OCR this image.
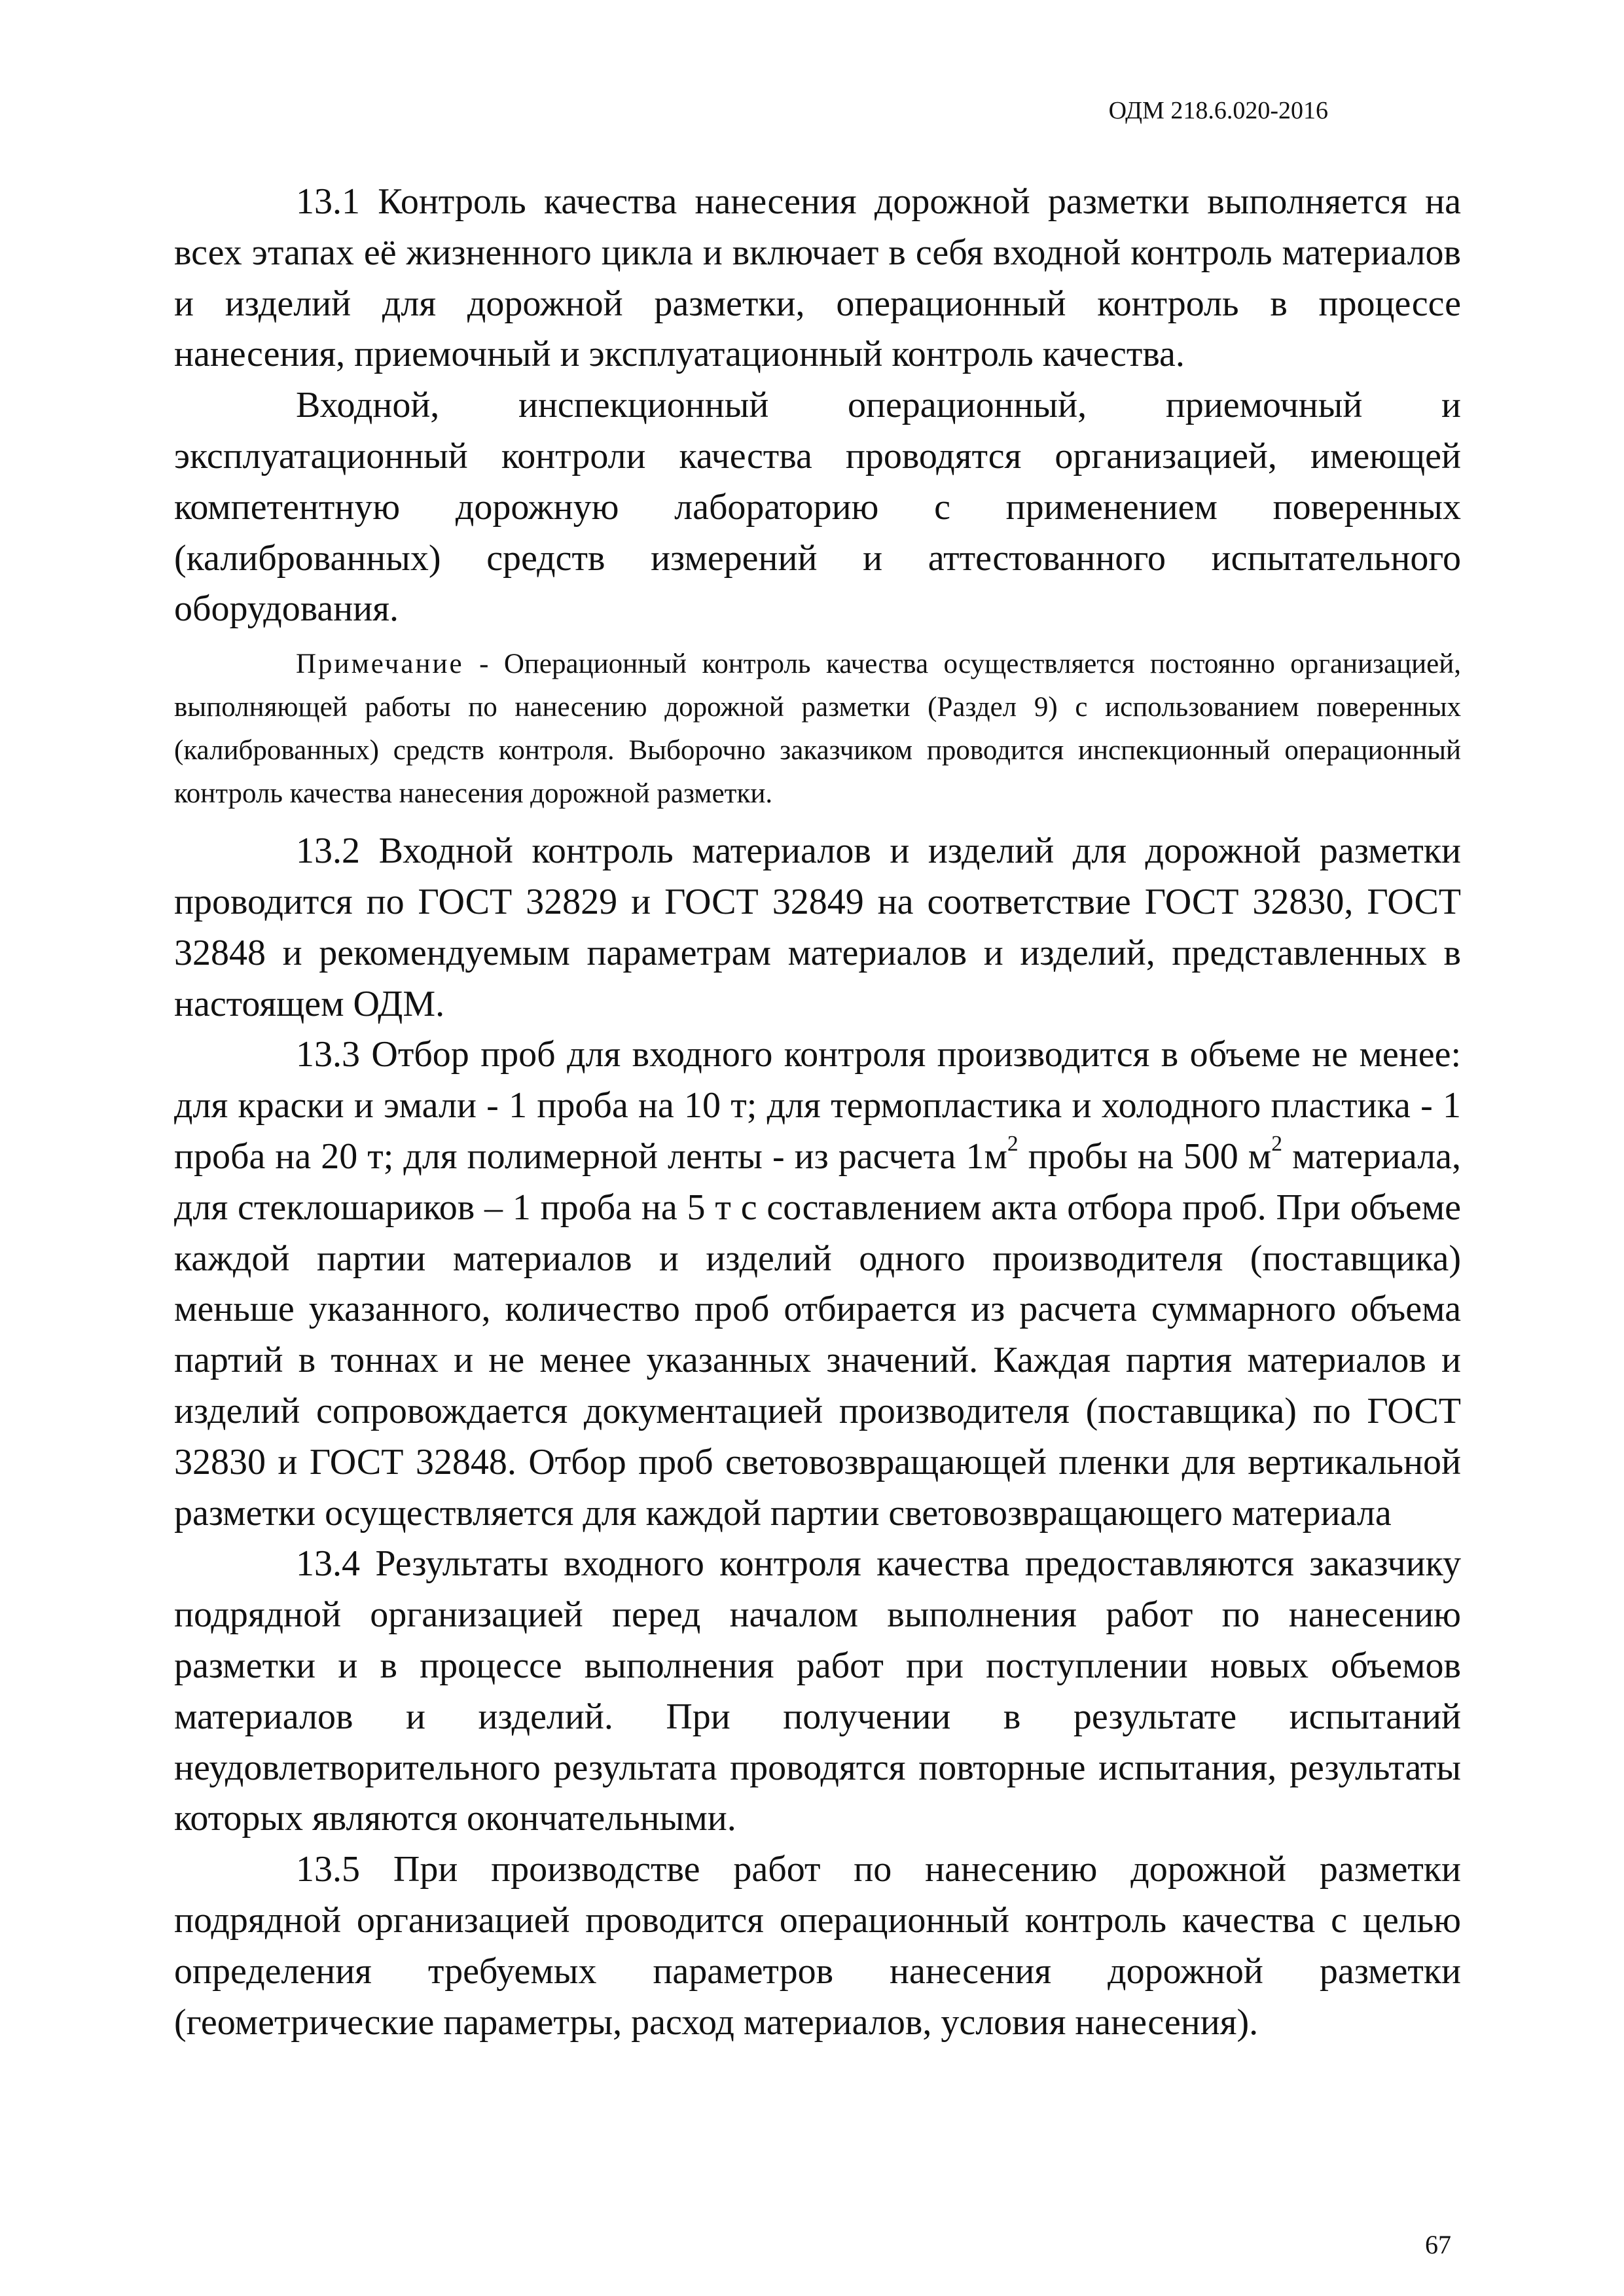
ОДМ 218.6.020-2016

13.1 Контроль качества нанесения дорожной разметки выполняется на всех этапах её жизненного цикла и включает в себя входной контроль материалов и изделий для дорожной разметки, операционный контроль в процессе нанесения, приемочный и эксплуатационный контроль качества.

Входной, инспекционный операционный, приемочный и эксплуатационный контроли качества проводятся организацией, имеющей компетентную дорожную лабораторию с применением поверенных (калиброванных) средств измерений и аттестованного испытательного оборудования.

Примечание - Операционный контроль качества осуществляется постоянно организацией, выполняющей работы по нанесению дорожной разметки (Раздел 9) с использованием поверенных (калиброванных) средств контроля. Выборочно заказчиком проводится инспекционный операционный контроль качества нанесения дорожной разметки.

13.2 Входной контроль материалов и изделий для дорожной разметки проводится по ГОСТ 32829 и ГОСТ 32849 на соответствие ГОСТ 32830, ГОСТ 32848 и рекомендуемым параметрам материалов и изделий, представленных в настоящем ОДМ.

13.3 Отбор проб для входного контроля производится в объеме не менее: для краски и эмали - 1 проба на 10 т; для термопластика и холодного пластика - 1 проба на 20 т; для полимерной ленты - из расчета $1м^2$ пробы на 500 $м^2$ материала, для стеклошариков – 1 проба на 5 т с составлением акта отбора проб. При объеме каждой партии материалов и изделий одного производителя (поставщика) меньше указанного, количество проб отбирается из расчета суммарного объема партий в тоннах и не менее указанных значений. Каждая партия материалов и изделий сопровождается документацией производителя (поставщика) по ГОСТ 32830 и ГОСТ 32848. Отбор проб световозвращающей пленки для вертикальной разметки осуществляется для каждой партии световозвращающего материала

13.4 Результаты входного контроля качества предоставляются заказчику подрядной организацией перед началом выполнения работ по нанесению разметки и в процессе выполнения работ при поступлении новых объемов материалов и изделий. При получении в результате испытаний неудовлетворительного результата проводятся повторные испытания, результаты которых являются окончательными.

13.5 При производстве работ по нанесению дорожной разметки подрядной организацией проводится операционный контроль качества с целью определения требуемых параметров нанесения дорожной разметки (геометрические параметры, расход материалов, условия нанесения).

67
